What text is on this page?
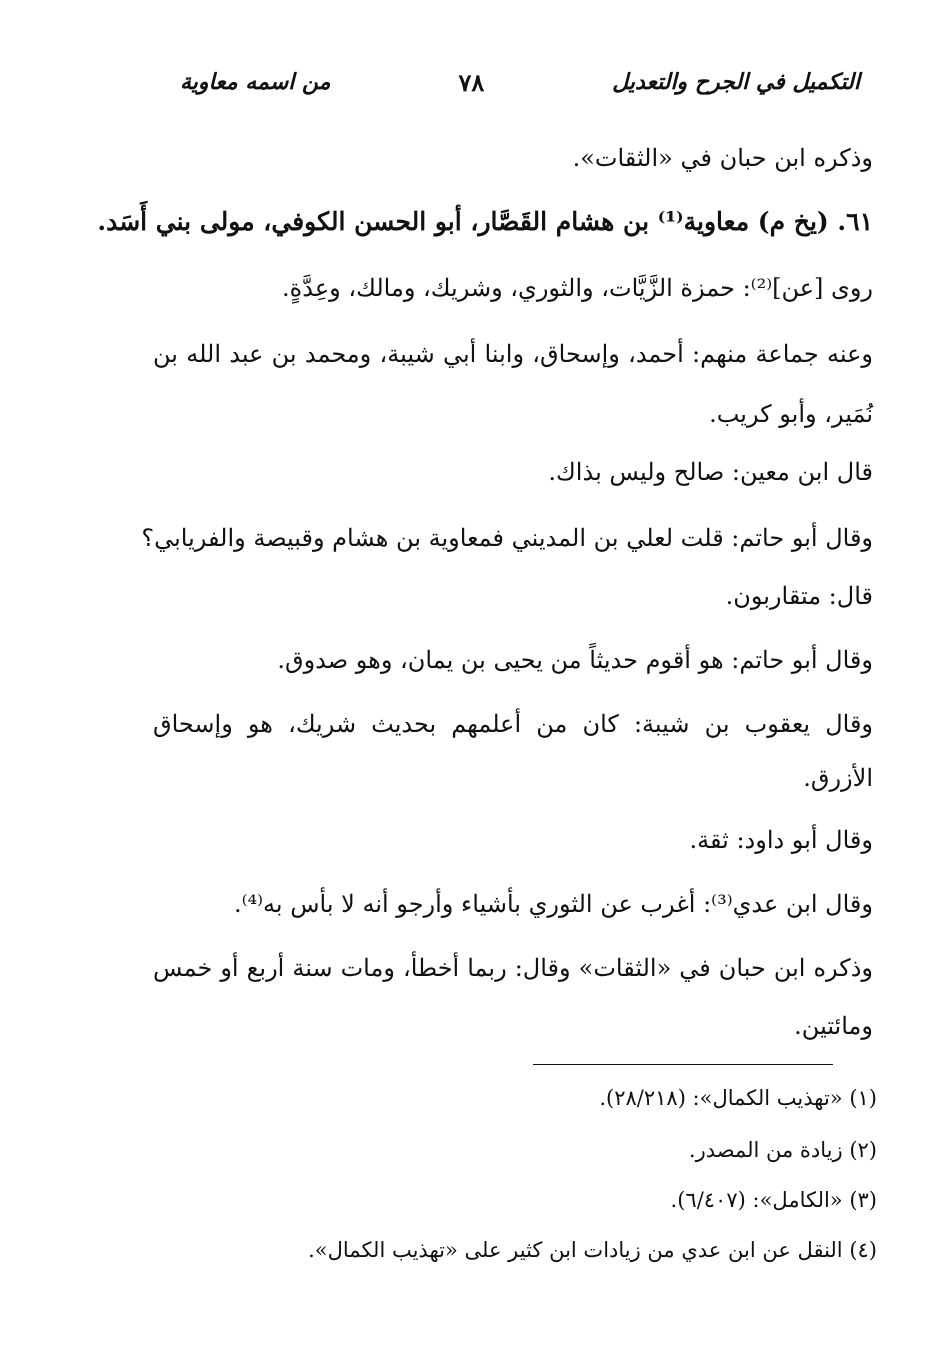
التكميل في الجرح والتعديل
٧٨
من اسمه معاوية
وذكره ابن حبان في «الثقات».
٦١. (يخ م) معاوية⁽¹⁾ بن هشام القَصَّار، أبو الحسن الكوفي، مولى بني أَسَد.
روى [عن]⁽²⁾: حمزة الزَّيَّات، والثوري، وشريك، ومالك، وعِدَّةٍ.
وعنه جماعة منهم: أحمد، وإسحاق، وابنا أبي شيبة، ومحمد بن عبد الله بن
نُمَير، وأبو كريب.
قال ابن معين: صالح وليس بذاك.
وقال أبو حاتم: قلت لعلي بن المديني فمعاوية بن هشام وقبيصة والفريابي؟
قال: متقاربون.
وقال أبو حاتم: هو أقوم حديثاً من يحيى بن يمان، وهو صدوق.
وقال يعقوب بن شيبة: كان من أعلمهم بحديث شريك، هو وإسحاق
الأزرق.
وقال أبو داود: ثقة.
وقال ابن عدي⁽³⁾: أغرب عن الثوري بأشياء وأرجو أنه لا بأس به⁽⁴⁾.
وذكره ابن حبان في «الثقات» وقال: ربما أخطأ، ومات سنة أربع أو خمس
ومائتين.
(١) «تهذيب الكمال»: (٢٨/٢١٨).
(٢) زيادة من المصدر.
(٣) «الكامل»: (٦/٤٠٧).
(٤) النقل عن ابن عدي من زيادات ابن كثير على «تهذيب الكمال».
